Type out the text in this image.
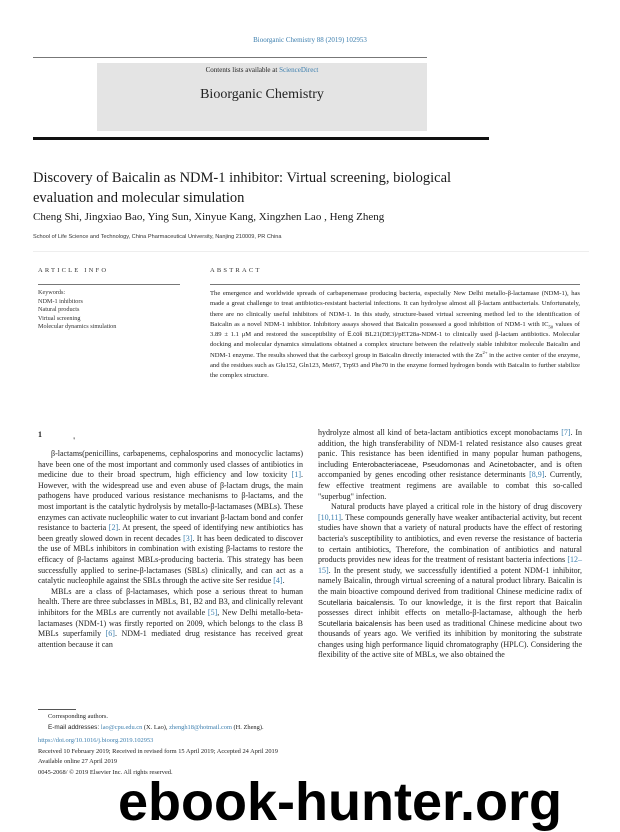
Bioorganic Chemistry 88 (2019) 102953
Contents lists available at ScienceDirect
Bioorganic Chemistry
Discovery of Baicalin as NDM-1 inhibitor: Virtual screening, biological evaluation and molecular simulation
Cheng Shi, Jingxiao Bao, Ying Sun, Xinyue Kang, Xingzhen Lao , Heng Zheng
School of Life Science and Technology, China Pharmaceutical University, Nanjing 210009, PR China
ARTICLE INFO
Keywords:
NDM-1 inhibitors
Natural products
Virtual screening
Molecular dynamics simulation
ABSTRACT
The emergence and worldwide spreads of carbapenemase producing bacteria, especially New Delhi metallo-β-lactamase (NDM-1), has made a great challenge to treat antibiotics-resistant bacterial infections. It can hydrolyse almost all β-lactam antibacterials. Unfortunately, there are no clinically useful inhibitors of NDM-1. In this study, structure-based virtual screening method led to the identification of Baicalin as a novel NDM-1 inhibitor. Inhibitory assays showed that Baicalin possessed a good inhibition of NDM-1 with $IC_{50}$ values of 3.89 ± 1.1 μM and restored the susceptibility of E.coli BL21(DE3)/pET28a-NDM-1 to clinically used β-lactam antibiotics. Molecular docking and molecular dynamics simulations obtained a complex structure between the relatively stable inhibitor molecule Baicalin and NDM-1 enzyme. The results showed that the carboxyl group in Baicalin directly interacted with the $Zn^{2+}$ in the active center of the enzyme, and the residues such as Glu152, Gln123, Met67, Trp93 and Phe70 in the enzyme formed hydrogen bonds with Baicalin to further stabilize the complex structure.
1
'

β-lactams(penicillins, carbapenems, cephalosporins and monocyclic lactams) have been one of the most important and commonly used classes of antibiotics in medicine due to their broad spectrum, high efficiency and low toxicity [1]. However, with the widespread use and even abuse of β-lactam drugs, the main pathogens have produced various resistance mechanisms to β-lactams, and the most important is the catalytic hydrolysis by metallo-β-lactamases (MBLs). These enzymes can activate nucleophilic water to cut invariant β-lactam bond and confer resistance to bacteria [2]. At present, the speed of identifying new antibiotics has been greatly slowed down in recent decades [3]. It has been dedicated to discover the use of MBLs inhibitors in combination with existing β-lactams to restore the efficacy of β-lactams against MBLs-producing bacteria. This strategy has been successfully applied to serine-β-lactamases (SBLs) clinically, and can act as a catalytic nucleophile against the SBLs through the active site Ser residue [4].

MBLs are a class of β-lactamases, which pose a serious threat to human health. There are three subclasses in MBLs, B1, B2 and B3, and clinically relevant inhibitors for the MBLs are currently not available [5], New Delhi metallo-beta-lactamases (NDM-1) was firstly reported on 2009, which belongs to the class B MBLs superfamily [6]. NDM-1 mediated drug resistance has received great attention because it can

hydrolyze almost all kind of beta-lactam antibiotics except monobactams [7]. In addition, the high transferability of NDM-1 related resistance also causes great panic. This resistance has been identified in many popular human pathogens, including Enterobacteriaceae, Pseudomonas and Acinetobacter, and is often accompanied by genes encoding other resistance determinants [8,9]. Currently, few effective treatment regimens are available to combat this so-called "superbug" infection.

Natural products have played a critical role in the history of drug discovery [10,11]. These compounds generally have weaker antibacterial activity, but recent studies have shown that a variety of natural products have the effect of restoring bacteria's susceptibility to antibiotics, and even reverse the resistance of bacteria to certain antibiotics, Therefore, the combination of antibiotics and natural products provides new ideas for the treatment of resistant bacteria infections [12–15]. In the present study, we successfully identified a potent NDM-1 inhibitor, namely Baicalin, through virtual screening of a natural product library. Baicalin is the main bioactive compound derived from traditional Chinese medicine radix of Scutellaria baicalensis. To our knowledge, it is the first report that Baicalin possesses direct inhibit effects on metallo-β-lactamase, although the herb Scutellaria baicalensis has been used as traditional Chinese medicine about two thousands of years ago. We verified its inhibition by monitoring the substrate changes using high performance liquid chromatography (HPLC). Considering the flexibility of the active site of MBLs, we also obtained the

Corresponding authors.
E-mail addresses: lao@cpu.edu.cn (X. Lao), zhengh18@hotmail.com (H. Zheng).
https://doi.org/10.1016/j.bioorg.2019.102953
Received 10 February 2019; Received in revised form 15 April 2019; Accepted 24 April 2019
Available online 27 April 2019
0045-2068/ © 2019 Elsevier Inc. All rights reserved.
ebook-hunter.org
